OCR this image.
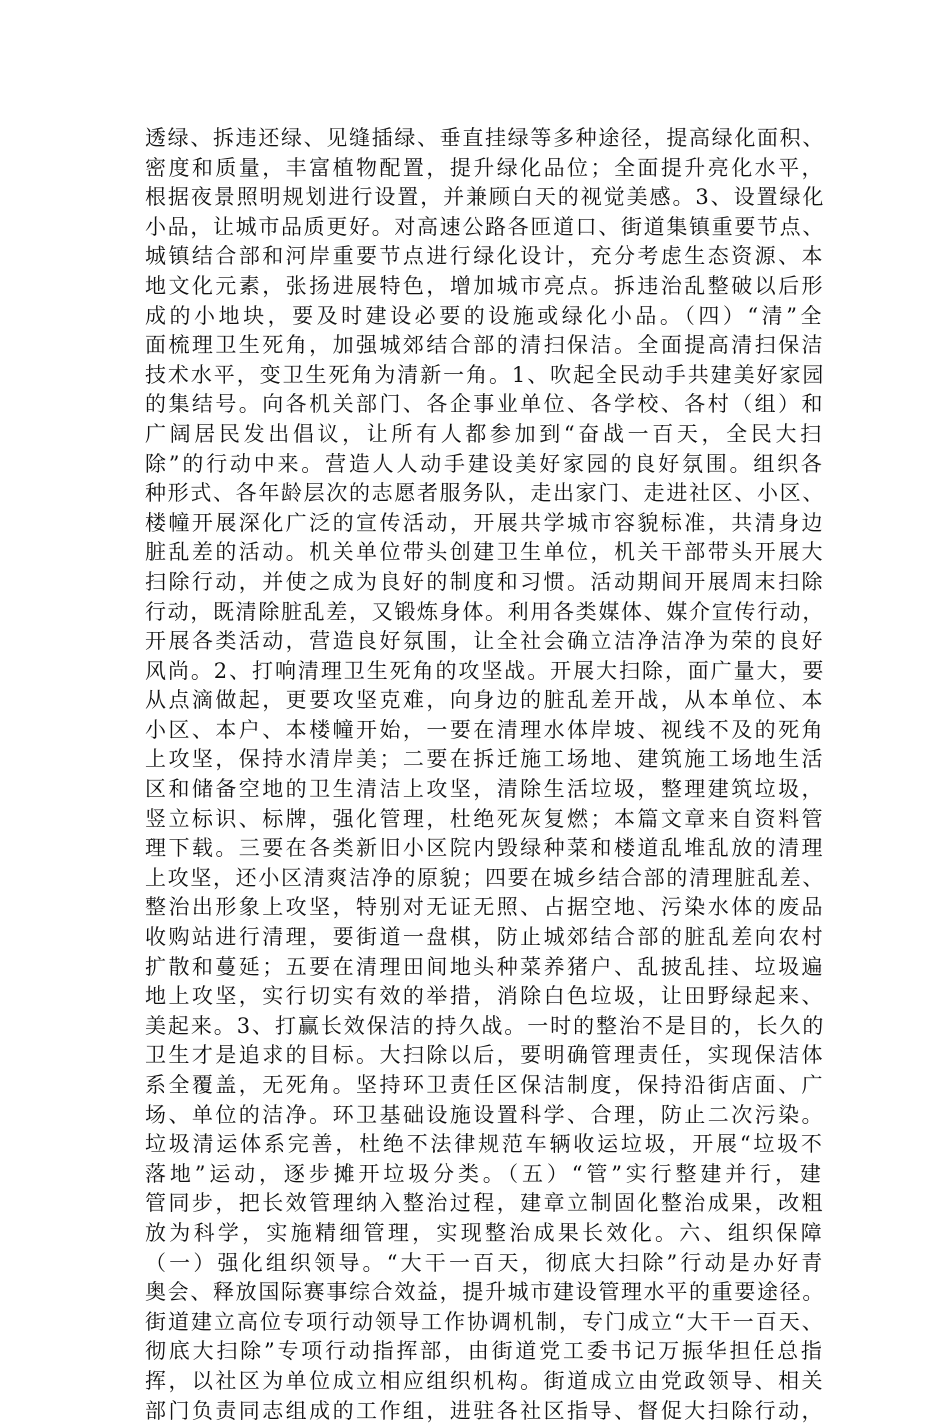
透绿、拆违还绿、见缝插绿、垂直挂绿等多种途径，提高绿化面积、
密度和质量，丰富植物配置，提升绿化品位；全面提升亮化水平，
根据夜景照明规划进行设置，并兼顾白天的视觉美感。3、设置绿化
小品，让城市品质更好。对高速公路各匝道口、街道集镇重要节点、
城镇结合部和河岸重要节点进行绿化设计，充分考虑生态资源、本
地文化元素，张扬进展特色，增加城市亮点。拆违治乱整破以后形
成的小地块，要及时建设必要的设施或绿化小品。（四）“清”全
面梳理卫生死角，加强城郊结合部的清扫保洁。全面提高清扫保洁
技术水平，变卫生死角为清新一角。1、吹起全民动手共建美好家园
的集结号。向各机关部门、各企事业单位、各学校、各村（组）和
广阔居民发出倡议，让所有人都参加到“奋战一百天，全民大扫
除”的行动中来。营造人人动手建设美好家园的良好氛围。组织各
种形式、各年龄层次的志愿者服务队，走出家门、走进社区、小区、
楼幢开展深化广泛的宣传活动，开展共学城市容貌标准，共清身边
脏乱差的活动。机关单位带头创建卫生单位，机关干部带头开展大
扫除行动，并使之成为良好的制度和习惯。活动期间开展周末扫除
行动，既清除脏乱差，又锻炼身体。利用各类媒体、媒介宣传行动，
开展各类活动，营造良好氛围，让全社会确立洁净洁净为荣的良好
风尚。2、打响清理卫生死角的攻坚战。开展大扫除，面广量大，要
从点滴做起，更要攻坚克难，向身边的脏乱差开战，从本单位、本
小区、本户、本楼幢开始，一要在清理水体岸坡、视线不及的死角
上攻坚，保持水清岸美；二要在拆迁施工场地、建筑施工场地生活
区和储备空地的卫生清洁上攻坚，清除生活垃圾，整理建筑垃圾，
竖立标识、标牌，强化管理，杜绝死灰复燃；本篇文章来自资料管
理下载。三要在各类新旧小区院内毁绿种菜和楼道乱堆乱放的清理
上攻坚，还小区清爽洁净的原貌；四要在城乡结合部的清理脏乱差、
整治出形象上攻坚，特别对无证无照、占据空地、污染水体的废品
收购站进行清理，要街道一盘棋，防止城郊结合部的脏乱差向农村
扩散和蔓延；五要在清理田间地头种菜养猪户、乱披乱挂、垃圾遍
地上攻坚，实行切实有效的举措，消除白色垃圾，让田野绿起来、
美起来。3、打赢长效保洁的持久战。一时的整治不是目的，长久的
卫生才是追求的目标。大扫除以后，要明确管理责任，实现保洁体
系全覆盖，无死角。坚持环卫责任区保洁制度，保持沿街店面、广
场、单位的洁净。环卫基础设施设置科学、合理，防止二次污染。
垃圾清运体系完善，杜绝不法律规范车辆收运垃圾，开展“垃圾不
落地”运动，逐步摊开垃圾分类。（五）“管”实行整建并行，建
管同步，把长效管理纳入整治过程，建章立制固化整治成果，改粗
放为科学，实施精细管理，实现整治成果长效化。六、组织保障
（一）强化组织领导。“大干一百天，彻底大扫除”行动是办好青
奥会、释放国际赛事综合效益，提升城市建设管理水平的重要途径。
街道建立高位专项行动领导工作协调机制，专门成立“大干一百天、
彻底大扫除”专项行动指挥部，由街道党工委书记万振华担任总指
挥，以社区为单位成立相应组织机构。街道成立由党政领导、相关
部门负责同志组成的工作组，进驻各社区指导、督促大扫除行动，
